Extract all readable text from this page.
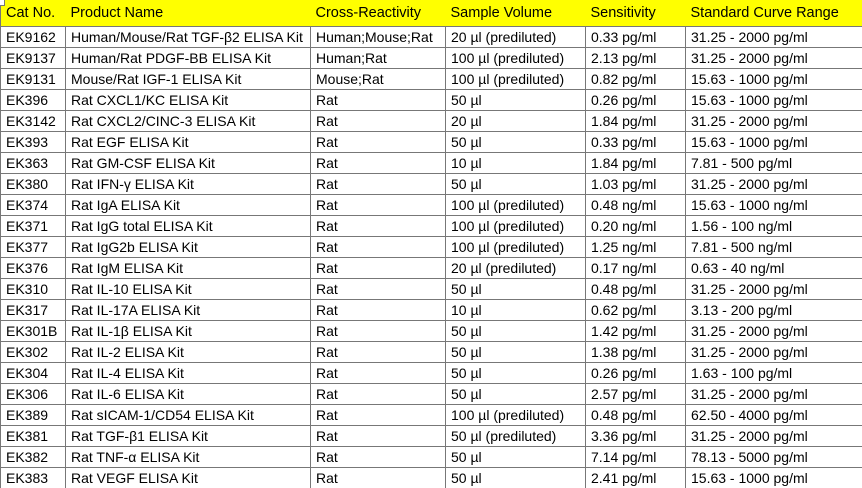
Cat No.	Product Name	Cross-Reactivity	Sample Volume	Sensitivity	Standard Curve Range
EK9162	Human/Mouse/Rat TGF-β2 ELISA Kit	Human;Mouse;Rat	20 µl (prediluted)	0.33 pg/ml	31.25 - 2000 pg/ml
EK9137	Human/Rat PDGF-BB ELISA Kit	Human;Rat	100 µl (prediluted)	2.13 pg/ml	31.25 - 2000 pg/ml
EK9131	Mouse/Rat IGF-1 ELISA Kit	Mouse;Rat	100 µl (prediluted)	0.82 pg/ml	15.63 - 1000 pg/ml
EK396	Rat CXCL1/KC ELISA Kit	Rat	50 µl	0.26 pg/ml	15.63 - 1000 pg/ml
EK3142	Rat CXCL2/CINC-3 ELISA Kit	Rat	20 µl	1.84 pg/ml	31.25 - 2000 pg/ml
EK393	Rat EGF ELISA Kit	Rat	50 µl	0.33 pg/ml	15.63 - 1000 pg/ml
EK363	Rat GM-CSF ELISA Kit	Rat	10 µl	1.84 pg/ml	7.81 - 500 pg/ml
EK380	Rat IFN-γ ELISA Kit	Rat	50 µl	1.03 pg/ml	31.25 - 2000 pg/ml
EK374	Rat IgA ELISA Kit	Rat	100 µl (prediluted)	0.48 ng/ml	15.63 - 1000 ng/ml
EK371	Rat IgG total ELISA Kit	Rat	100 µl (prediluted)	0.20 ng/ml	1.56 - 100 ng/ml
EK377	Rat IgG2b ELISA Kit	Rat	100 µl (prediluted)	1.25 ng/ml	7.81 - 500 ng/ml
EK376	Rat IgM ELISA Kit	Rat	20 µl (prediluted)	0.17 ng/ml	0.63 - 40 ng/ml
EK310	Rat IL-10 ELISA Kit	Rat	50 µl	0.48 pg/ml	31.25 - 2000 pg/ml
EK317	Rat IL-17A ELISA Kit	Rat	10 µl	0.62 pg/ml	3.13 - 200 pg/ml
EK301B	Rat IL-1β ELISA Kit	Rat	50 µl	1.42 pg/ml	31.25 - 2000 pg/ml
EK302	Rat IL-2 ELISA Kit	Rat	50 µl	1.38 pg/ml	31.25 - 2000 pg/ml
EK304	Rat IL-4 ELISA Kit	Rat	50 µl	0.26 pg/ml	1.63 - 100 pg/ml
EK306	Rat IL-6 ELISA Kit	Rat	50 µl	2.57 pg/ml	31.25 - 2000 pg/ml
EK389	Rat sICAM-1/CD54 ELISA Kit	Rat	100 µl (prediluted)	0.48 pg/ml	62.50 - 4000 pg/ml
EK381	Rat TGF-β1 ELISA Kit	Rat	50 µl (prediluted)	3.36 pg/ml	31.25 - 2000 pg/ml
EK382	Rat TNF-α ELISA Kit	Rat	50 µl	7.14 pg/ml	78.13 - 5000 pg/ml
EK383	Rat VEGF ELISA Kit	Rat	50 µl	2.41 pg/ml	15.63 - 1000 pg/ml
